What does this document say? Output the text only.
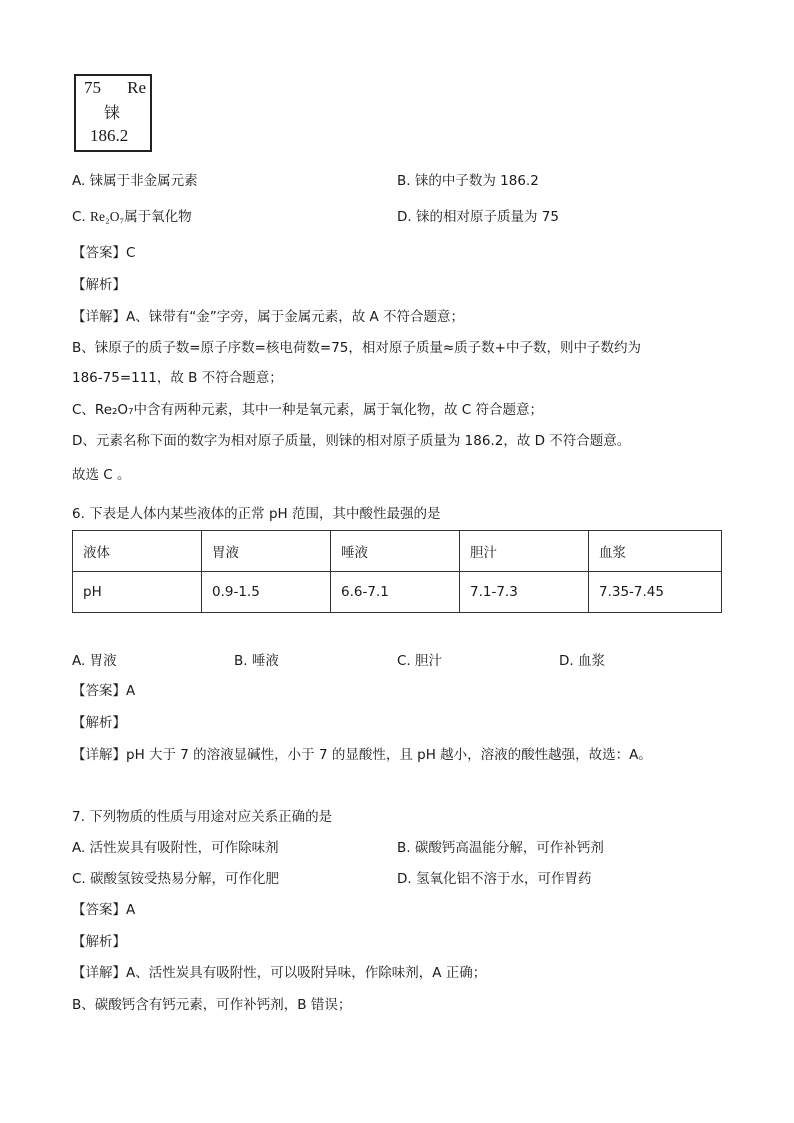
75 Re
铼
186.2
A. 铼属于非金属元素	B. 铼的中子数为 186.2
C. Re₂O₇属于氧化物	D. 铼的相对原子质量为 75
【答案】C
【解析】
【详解】A、铼带有“金”字旁，属于金属元素，故 A 不符合题意；
B、铼原子的质子数=原子序数=核电荷数=75，相对原子质量≈质子数+中子数，则中子数约为
186-75=111，故 B 不符合题意；
C、Re₂O₇中含有两种元素，其中一种是氧元素，属于氧化物，故 C 符合题意；
D、元素名称下面的数字为相对原子质量，则铼的相对原子质量为 186.2，故 D 不符合题意。
故选 C 。
6. 下表是人体内某些液体的正常 pH 范围，其中酸性最强的是
液体	胃液	唾液	胆汁	血浆
pH	0.9-1.5	6.6-7.1	7.1-7.3	7.35-7.45
A. 胃液	B. 唾液	C. 胆汁	D. 血浆
【答案】A
【解析】
【详解】pH 大于 7 的溶液显碱性，小于 7 的显酸性，且 pH 越小，溶液的酸性越强，故选：A。
7. 下列物质的性质与用途对应关系正确的是
A. 活性炭具有吸附性，可作除味剂	B. 碳酸钙高温能分解，可作补钙剂
C. 碳酸氢铵受热易分解，可作化肥	D. 氢氧化铝不溶于水，可作胃药
【答案】A
【解析】
【详解】A、活性炭具有吸附性，可以吸附异味，作除味剂，A 正确；
B、碳酸钙含有钙元素，可作补钙剂，B 错误；
